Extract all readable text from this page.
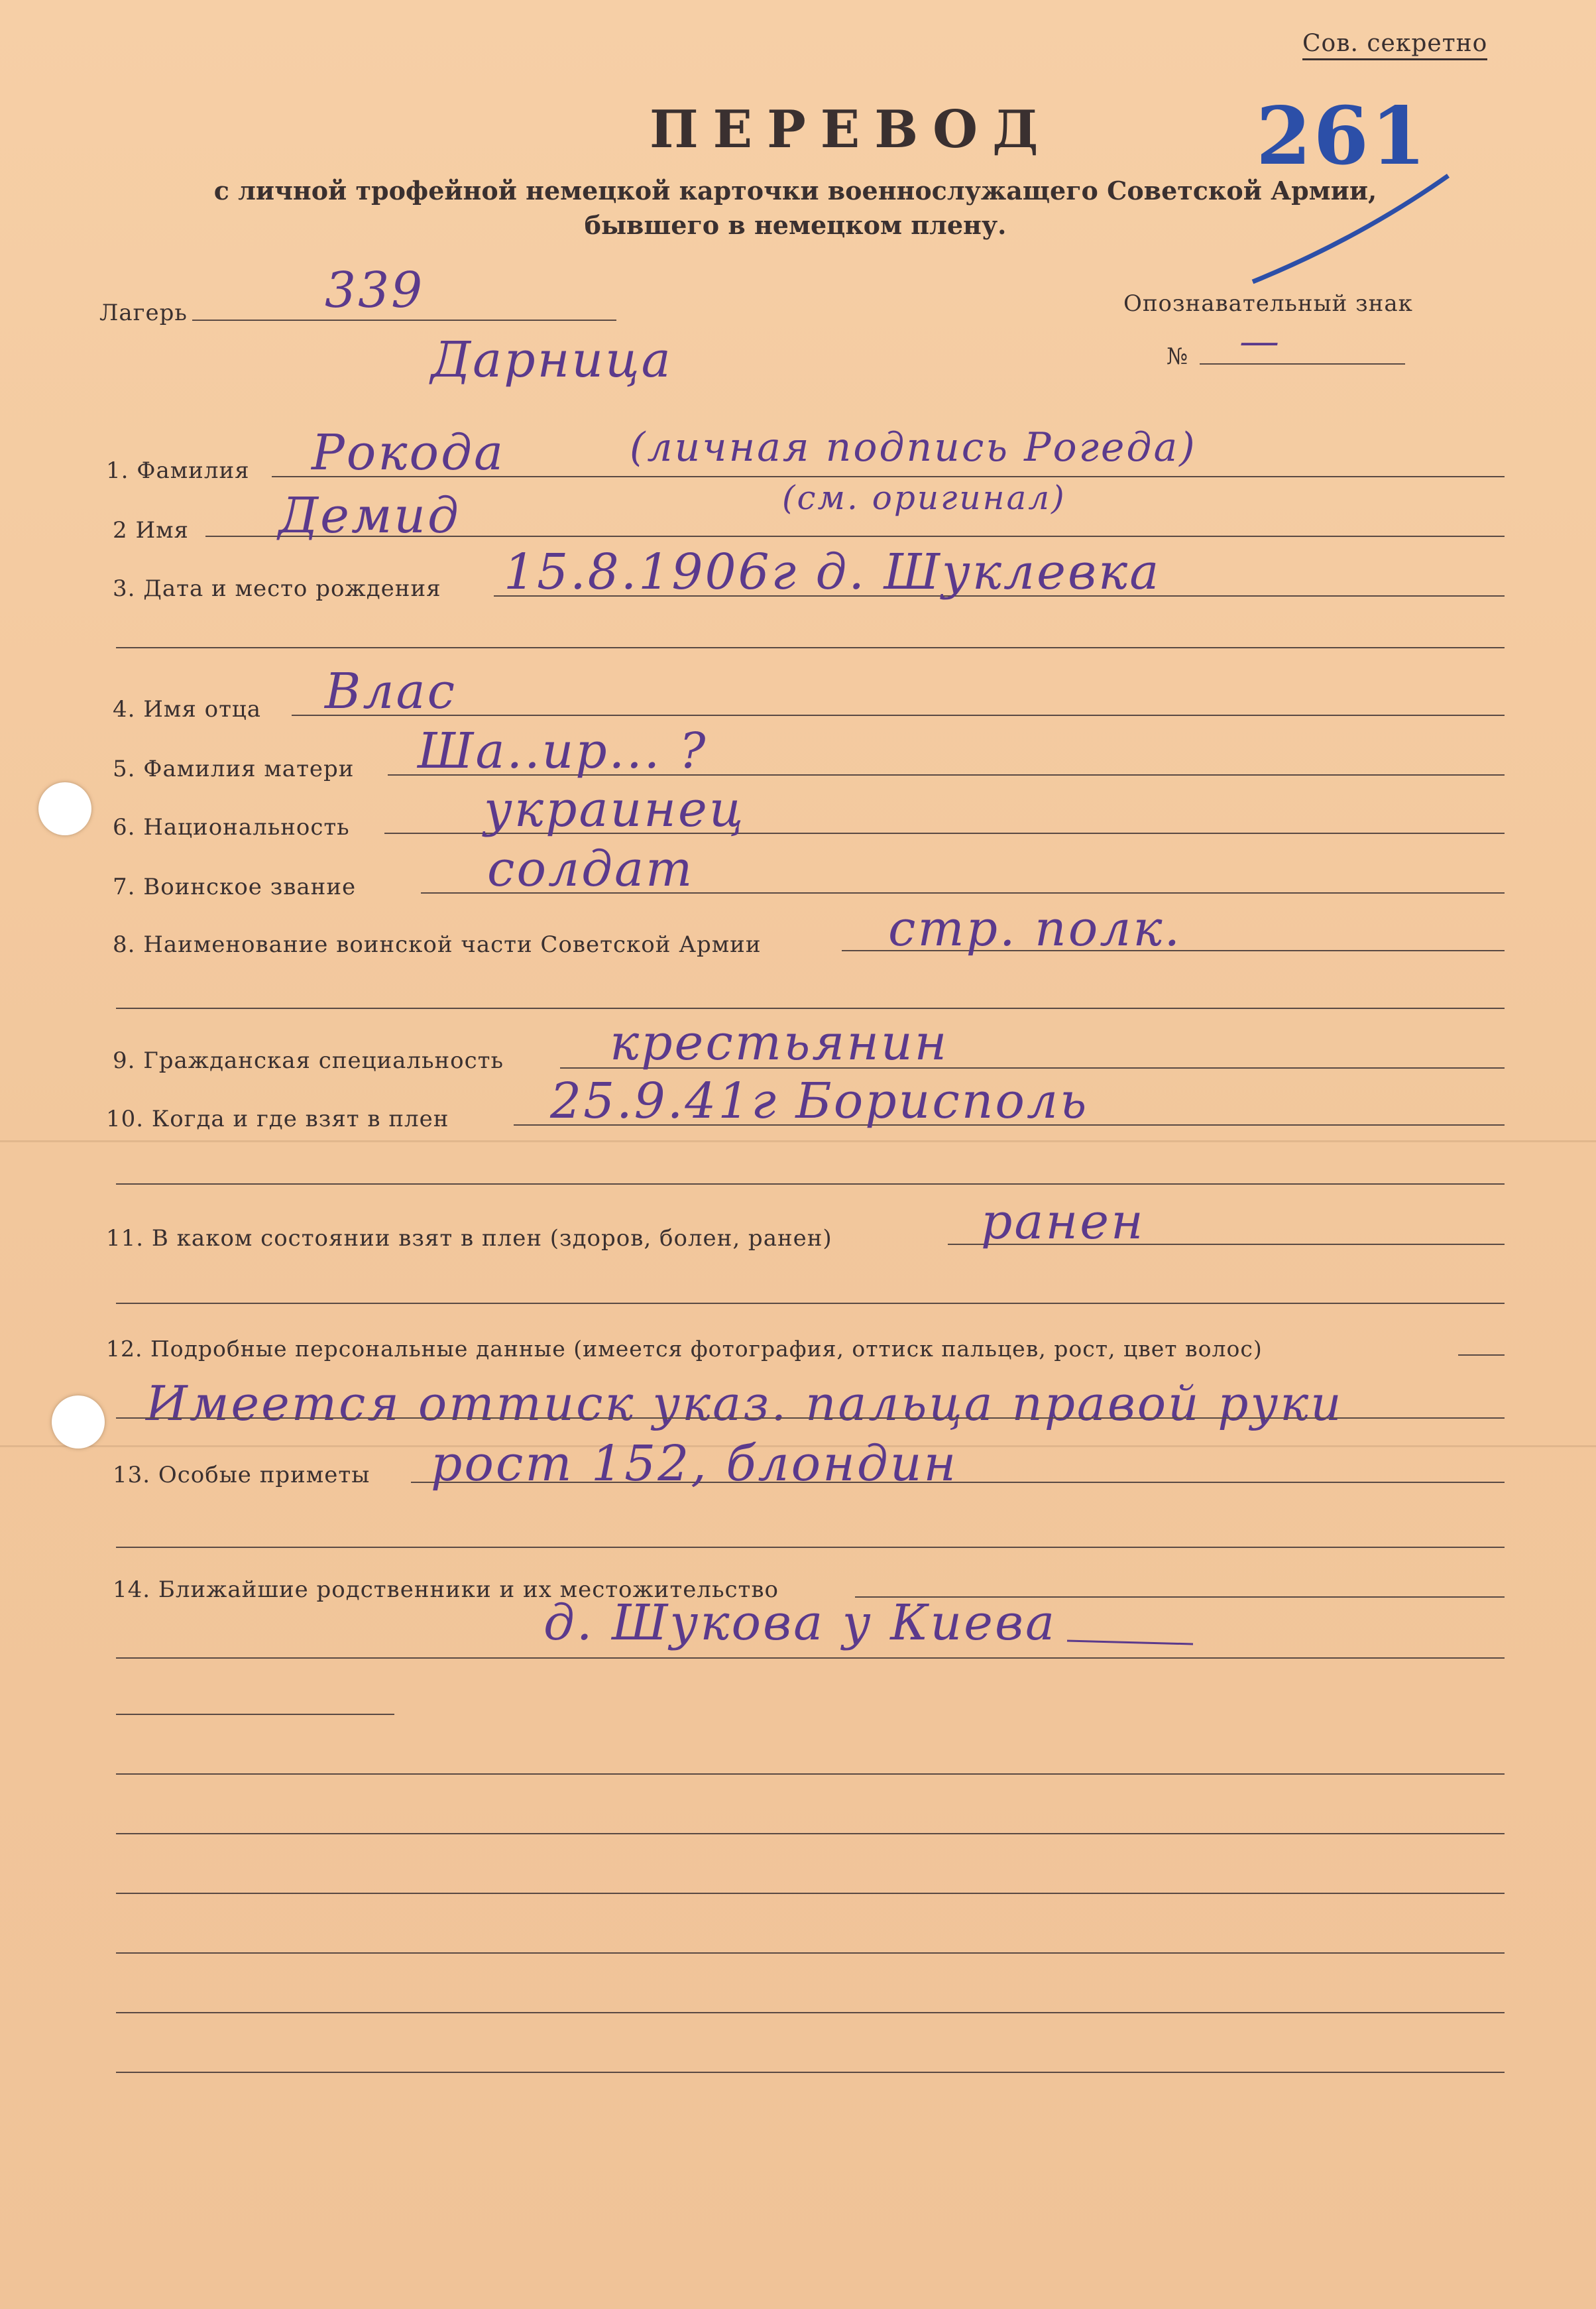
Сов. секретно
ПЕРЕВОД
с личной трофейной немецкой карточки военнослужащего Советской Армии,
бывшего в немецком плену.
261
Лагерь	339
Дарница
Опознавательный знак
№ —
1. Фамилия Рокода	(личная подпись Рогеда)
(см. оригинал)
2 Имя Демид
3. Дата и место рождения 15.8.1906г д. Шуклевка
4. Имя отца Влас
5. Фамилия матери Ша..ир... ?
6. Национальность	украинец
7. Воинское звание	солдат
8. Наименование воинской части Советской Армии	стр. полк.
9. Гражданская специальность крестьянин
10. Когда и где взят в плен 25.9.41г Борисполь
11. В каком состоянии взят в плен (здоров, болен, ранен)	ранен
12. Подробные персональные данные (имеется фотография, оттиск пальцев, рост, цвет волос)
Имеется оттиск указ. пальца правой руки
13. Особые приметы рост 152, блондин
14. Ближайшие родственники и их местожительство
д. Шукова у Киева
